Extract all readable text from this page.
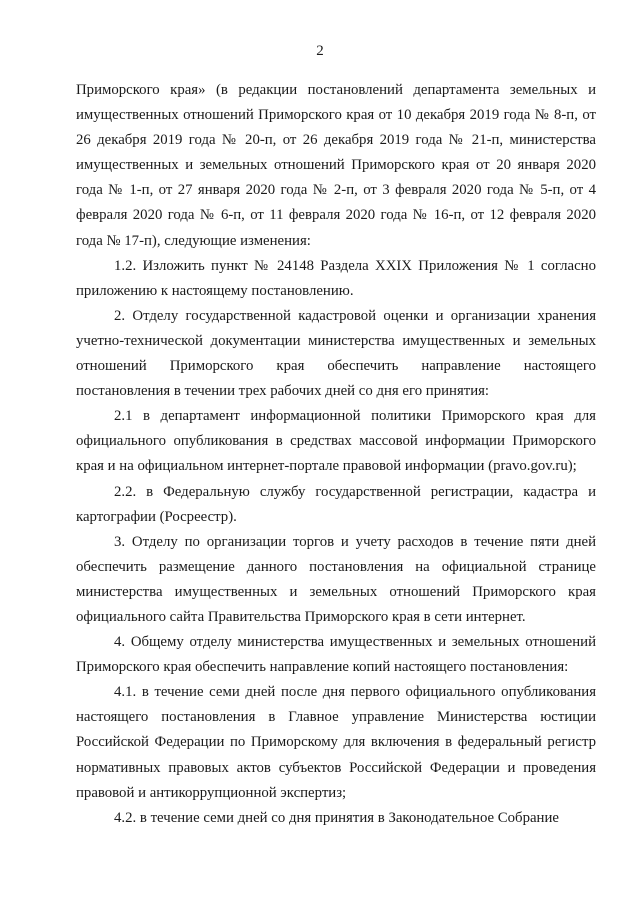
2

Приморского края» (в редакции постановлений департамента земельных и имущественных отношений Приморского края от 10 декабря 2019 года № 8-п, от 26 декабря 2019 года № 20-п, от 26 декабря 2019 года № 21-п, министерства имущественных и земельных отношений Приморского края от 20 января 2020 года № 1-п, от 27 января 2020 года № 2-п, от 3 февраля 2020 года № 5-п, от 4 февраля 2020 года № 6-п, от 11 февраля 2020 года № 16-п, от 12 февраля 2020 года № 17-п), следующие изменения:

1.2. Изложить пункт № 24148 Раздела XXIX Приложения № 1 согласно приложению к настоящему постановлению.

2. Отделу государственной кадастровой оценки и организации хранения учетно-технической документации министерства имущественных и земельных отношений Приморского края обеспечить направление настоящего постановления в течении трех рабочих дней со дня его принятия:

2.1 в департамент информационной политики Приморского края для официального опубликования в средствах массовой информации Приморского края и на официальном интернет-портале правовой информации (pravo.gov.ru);

2.2. в Федеральную службу государственной регистрации, кадастра и картографии (Росреестр).

3. Отделу по организации торгов и учету расходов в течение пяти дней обеспечить размещение данного постановления на официальной странице министерства имущественных и земельных отношений Приморского края официального сайта Правительства Приморского края в сети интернет.

4. Общему отделу министерства имущественных и земельных отношений Приморского края обеспечить направление копий настоящего постановления:

4.1. в течение семи дней после дня первого официального опубликования настоящего постановления в Главное управление Министерства юстиции Российской Федерации по Приморскому для включения в федеральный регистр нормативных правовых актов субъектов Российской Федерации и проведения правовой и антикоррупционной экспертиз;

4.2. в течение семи дней со дня принятия в Законодательное Собрание
